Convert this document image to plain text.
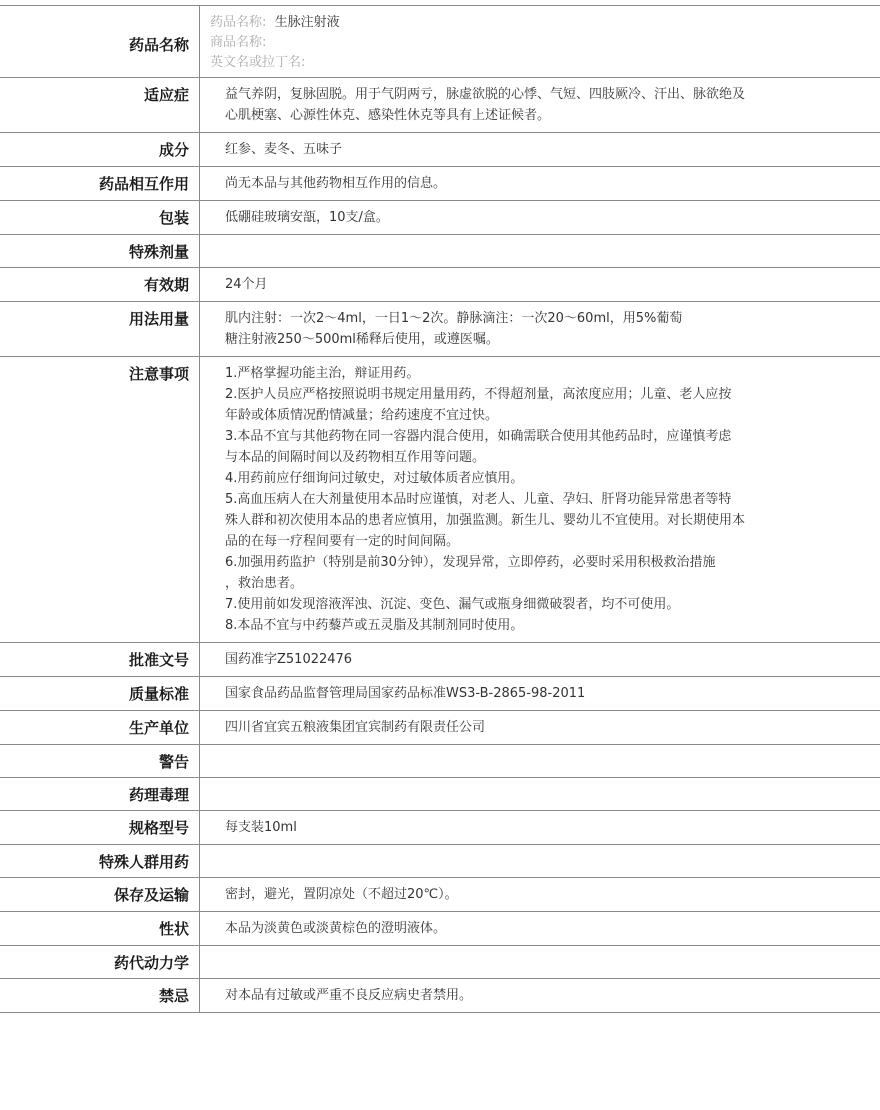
药品名称
药品名称: 生脉注射液
商品名称:
英文名或拉丁名:
适应症	益气养阴，复脉固脱。用于气阴两亏，脉虚欲脱的心悸、气短、四肢厥冷、汗出、脉欲绝及
心肌梗塞、心源性休克、感染性休克等具有上述证候者。
成分	红参、麦冬、五味子
药品相互作用	尚无本品与其他药物相互作用的信息。
包装	低硼硅玻璃安瓿，10支/盒。
特殊剂量
有效期	24个月
用法用量	肌内注射：一次2～4ml，一日1～2次。静脉滴注：一次20～60ml，用5%葡萄
糖注射液250～500ml稀释后使用，或遵医嘱。
注意事项	1.严格掌握功能主治，辩证用药。
2.医护人员应严格按照说明书规定用量用药，不得超剂量，高浓度应用；儿童、老人应按
年龄或体质情况酌情减量；给药速度不宜过快。
3.本品不宜与其他药物在同一容器内混合使用，如确需联合使用其他药品时，应谨慎考虑
与本品的间隔时间以及药物相互作用等问题。
4.用药前应仔细询问过敏史，对过敏体质者应慎用。
5.高血压病人在大剂量使用本品时应谨慎，对老人、儿童、孕妇、肝肾功能异常患者等特
殊人群和初次使用本品的患者应慎用，加强监测。新生儿、婴幼儿不宜使用。对长期使用本
品的在每一疗程间要有一定的时间间隔。
6.加强用药监护（特别是前30分钟），发现异常，立即停药，必要时采用积极救治措施
，救治患者。
7.使用前如发现溶液浑浊、沉淀、变色、漏气或瓶身细微破裂者，均不可使用。
8.本品不宜与中药藜芦或五灵脂及其制剂同时使用。
批准文号	国药准字Z51022476
质量标准	国家食品药品监督管理局国家药品标准WS3-B-2865-98-2011
生产单位	四川省宜宾五粮液集团宜宾制药有限责任公司
警告
药理毒理
规格型号	每支装10ml
特殊人群用药
保存及运输	密封，避光，置阴凉处（不超过20℃）。
性状	本品为淡黄色或淡黄棕色的澄明液体。
药代动力学
禁忌	对本品有过敏或严重不良反应病史者禁用。
